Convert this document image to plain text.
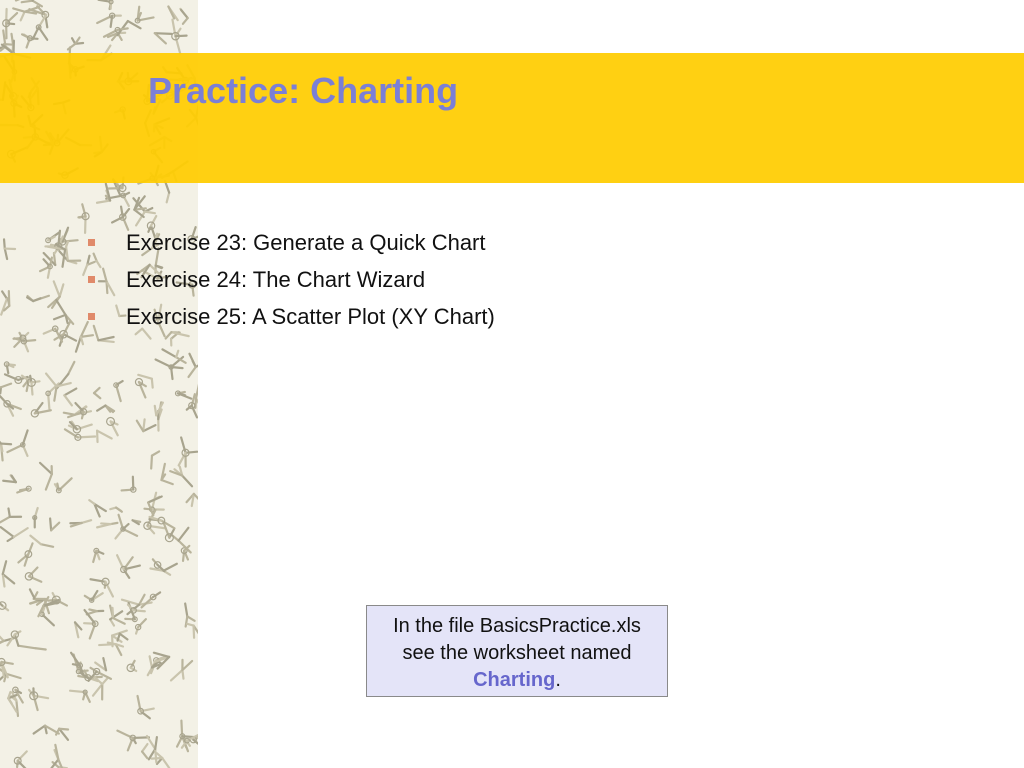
Practice: Charting
Exercise 23: Generate a Quick Chart
Exercise 24: The Chart Wizard
Exercise 25: A Scatter Plot (XY Chart)
In the file BasicsPractice.xls
see the worksheet named
Charting.
